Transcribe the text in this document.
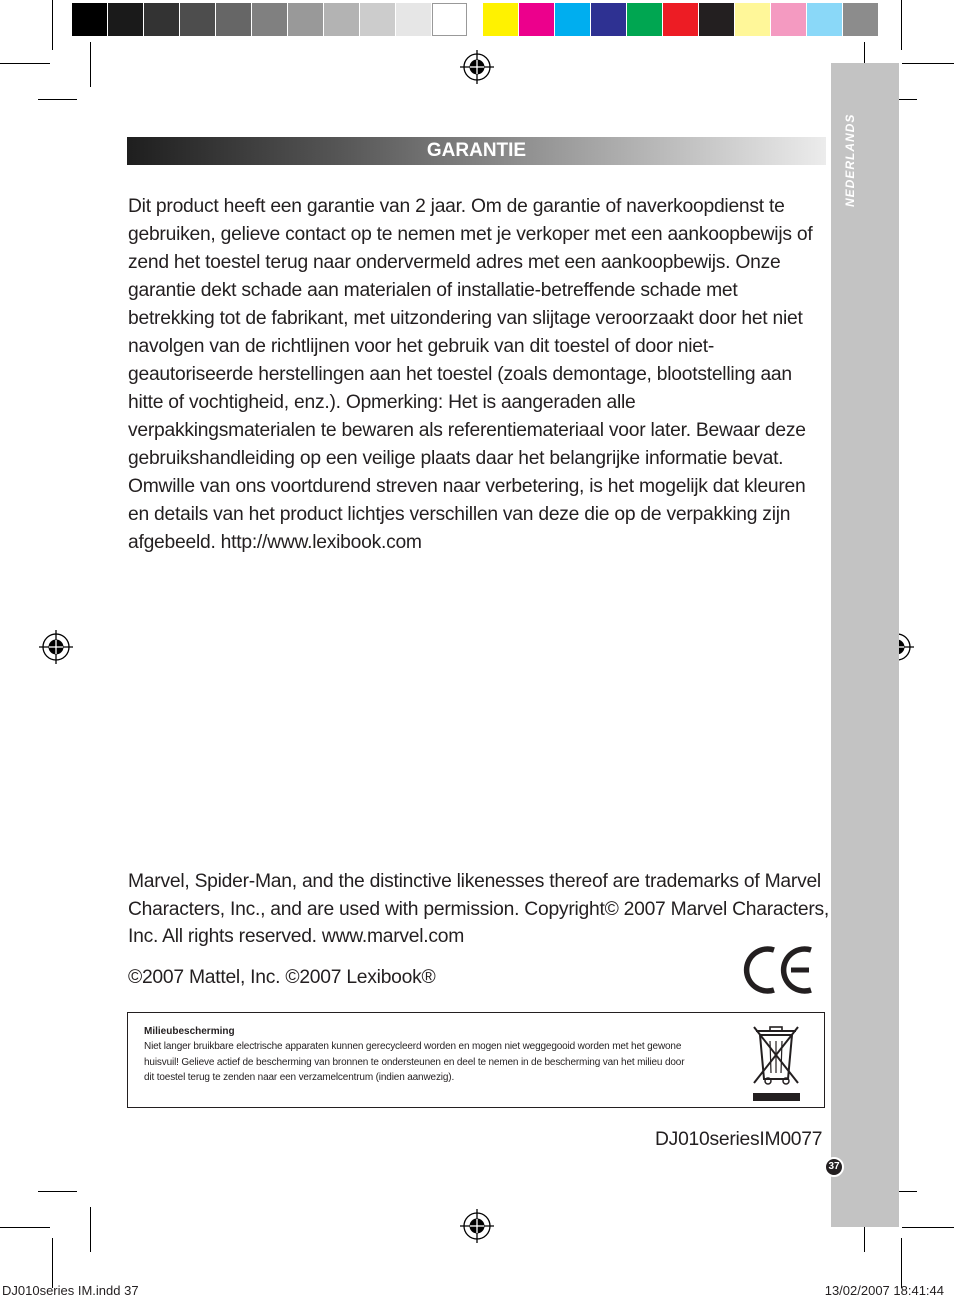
NEDERLANDS
GARANTIE
Dit product heeft een garantie van 2 jaar. Om de garantie of naverkoopdienst te
gebruiken, gelieve contact op te nemen met je verkoper met een aankoopbewijs of
zend het toestel terug naar ondervermeld adres met een aankoopbewijs. Onze
garantie dekt schade aan materialen of installatie-betreffende schade met
betrekking tot de fabrikant, met uitzondering van slijtage veroorzaakt door het niet
navolgen van de richtlijnen voor het gebruik van dit toestel of door niet-
geautoriseerde herstellingen aan het toestel (zoals demontage, blootstelling aan
hitte of vochtigheid, enz.). Opmerking: Het is aangeraden alle
verpakkingsmaterialen te bewaren als referentiemateriaal voor later. Bewaar deze
gebruikshandleiding op een veilige plaats daar het belangrijke informatie bevat.
Omwille van ons voortdurend streven naar verbetering, is het mogelijk dat kleuren
en details van het product lichtjes verschillen van deze die op de verpakking zijn
afgebeeld. http://www.lexibook.com
Marvel, Spider-Man, and the distinctive likenesses thereof are trademarks of Marvel
Characters, Inc., and are used with permission. Copyright© 2007 Marvel Characters,
Inc. All rights reserved. www.marvel.com
©2007 Mattel, Inc. ©2007 Lexibook®
Milieubescherming
Niet langer bruikbare electrische apparaten kunnen gerecycleerd worden en mogen niet weggegooid worden met het gewone
huisvuil! Gelieve actief de bescherming van bronnen te ondersteunen en deel te nemen in de bescherming van het milieu door
dit toestel terug te zenden naar een verzamelcentrum (indien aanwezig).
DJ010seriesIM0077
37
DJ010series IM.indd 37	13/02/2007 18:41:44
